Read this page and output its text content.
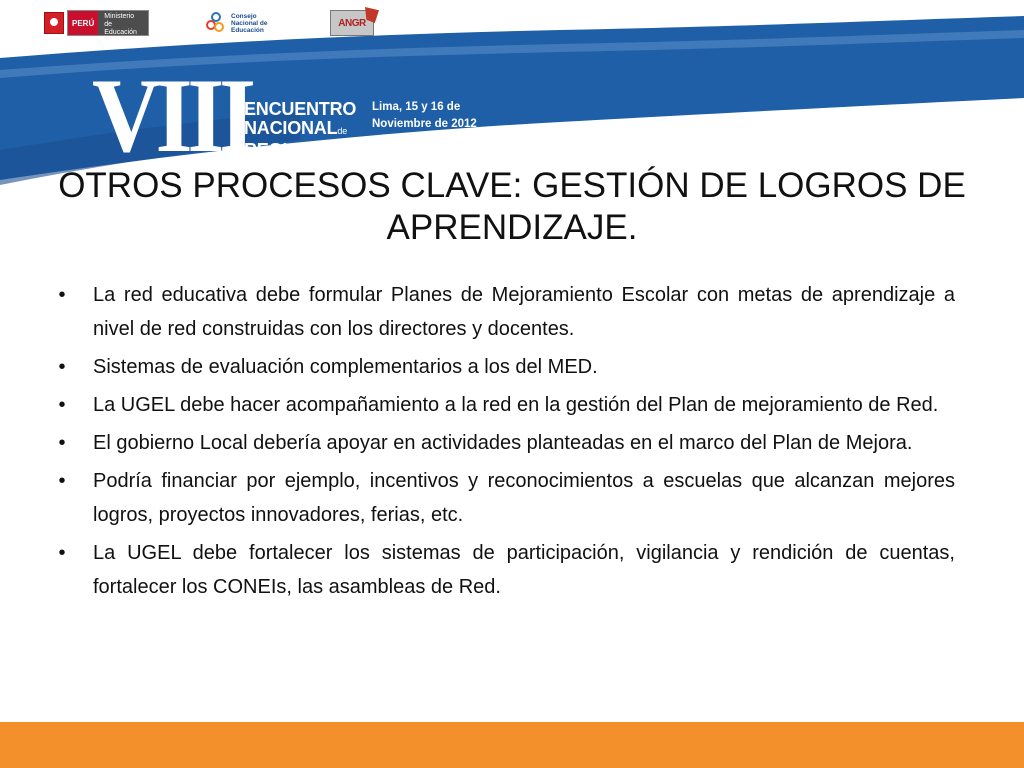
PERÚ
Ministerio de Educación
Consejo Nacional de Educación
ANGR
VIII
ENCUENTRO
NACIONALde
REGIONES
Lima, 15 y 16 de
Noviembre de 2012
OTROS PROCESOS CLAVE: GESTIÓN DE LOGROS DE APRENDIZAJE.
• La red educativa debe formular Planes de Mejoramiento Escolar con metas de aprendizaje a nivel de red construidas con los directores y docentes.
• Sistemas de evaluación complementarios a los del MED.
• La UGEL debe hacer acompañamiento a la red en la gestión del Plan de mejoramiento de Red.
• El gobierno Local debería apoyar en actividades planteadas en el marco del Plan de Mejora.
• Podría financiar por ejemplo, incentivos y reconocimientos a escuelas que alcanzan mejores logros, proyectos innovadores, ferias, etc.
• La UGEL debe fortalecer los sistemas de participación, vigilancia y rendición de cuentas, fortalecer los CONEIs, las asambleas de Red.
